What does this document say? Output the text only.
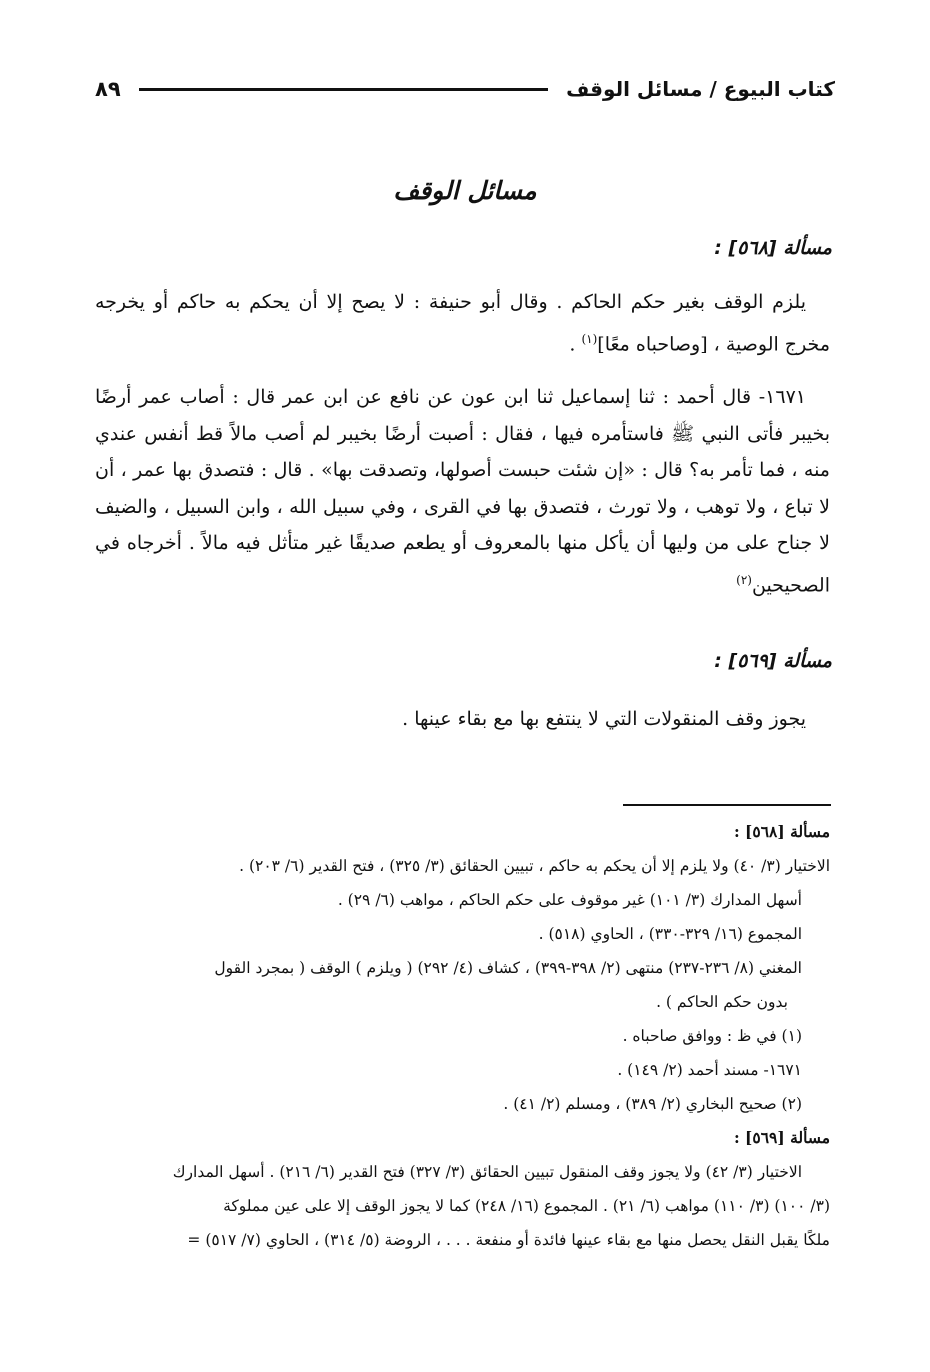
كتاب البيوع / مسائل الوقف
٨٩
مسائل الوقف
مسألة [٥٦٨] :
يلزم الوقف بغير حكم الحاكم . وقال أبو حنيفة : لا يصح إلا أن يحكم به حاكم أو يخرجه مخرج الوصية ، [وصاحباه معًا]$^{(١)}$ .
١٦٧١- قال أحمد : ثنا إسماعيل ثنا ابن عون عن نافع عن ابن عمر قال : أصاب عمر أرضًا بخيبر فأتى النبي ﷺ فاستأمره فيها ، فقال : أصبت أرضًا بخيبر لم أصب مالاً قط أنفس عندي منه ، فما تأمر به؟ قال : «إن شئت حبست أصولها، وتصدقت بها» . قال : فتصدق بها عمر ، أن لا تباع ، ولا توهب ، ولا تورث ، فتصدق بها في القرى ، وفي سبيل الله ، وابن السبيل ، والضيف لا جناح على من وليها أن يأكل منها بالمعروف أو يطعم صديقًا غير متأثل فيه مالاً . أخرجاه في الصحيحين$^{(٢)}$
مسألة [٥٦٩] :
يجوز وقف المنقولات التي لا ينتفع بها مع بقاء عينها .
مسألة [٥٦٨] :
الاختيار (٣/ ٤٠) ولا يلزم إلا أن يحكم به حاكم ، تبيين الحقائق (٣/ ٣٢٥) ، فتح القدير (٦/ ٢٠٣) .
أسهل المدارك (٣/ ١٠١) غير موقوف على حكم الحاكم ، مواهب (٦/ ٢٩) .
المجموع (١٦/ ٣٢٩-٣٣٠) ، الحاوي (٥١٨) .
المغني (٨/ ٢٣٦-٢٣٧) منتهى (٢/ ٣٩٨-٣٩٩) ، كشاف (٤/ ٢٩٢) ( ويلزم ) الوقف ( بمجرد القول
بدون حكم الحاكم ) .
(١) في ظ : ووافق صاحباه .
١٦٧١- مسند أحمد (٢/ ١٤٩) .
(٢) صحيح البخاري (٢/ ٣٨٩) ، ومسلم (٢/ ٤١) .
مسألة [٥٦٩] :
الاختيار (٣/ ٤٢) ولا يجوز وقف المنقول تبيين الحقائق (٣/ ٣٢٧) فتح القدير (٦/ ٢١٦) . أسهل المدارك
(٣/ ١٠٠) (٣/ ١١٠) مواهب (٦/ ٢١) . المجموع (١٦/ ٢٤٨) كما لا يجوز الوقف إلا على عين مملوكة
ملكًا يقبل النقل يحصل منها مع بقاء عينها فائدة أو منفعة . . . ، الروضة (٥/ ٣١٤) ، الحاوي (٧/ ٥١٧) =
